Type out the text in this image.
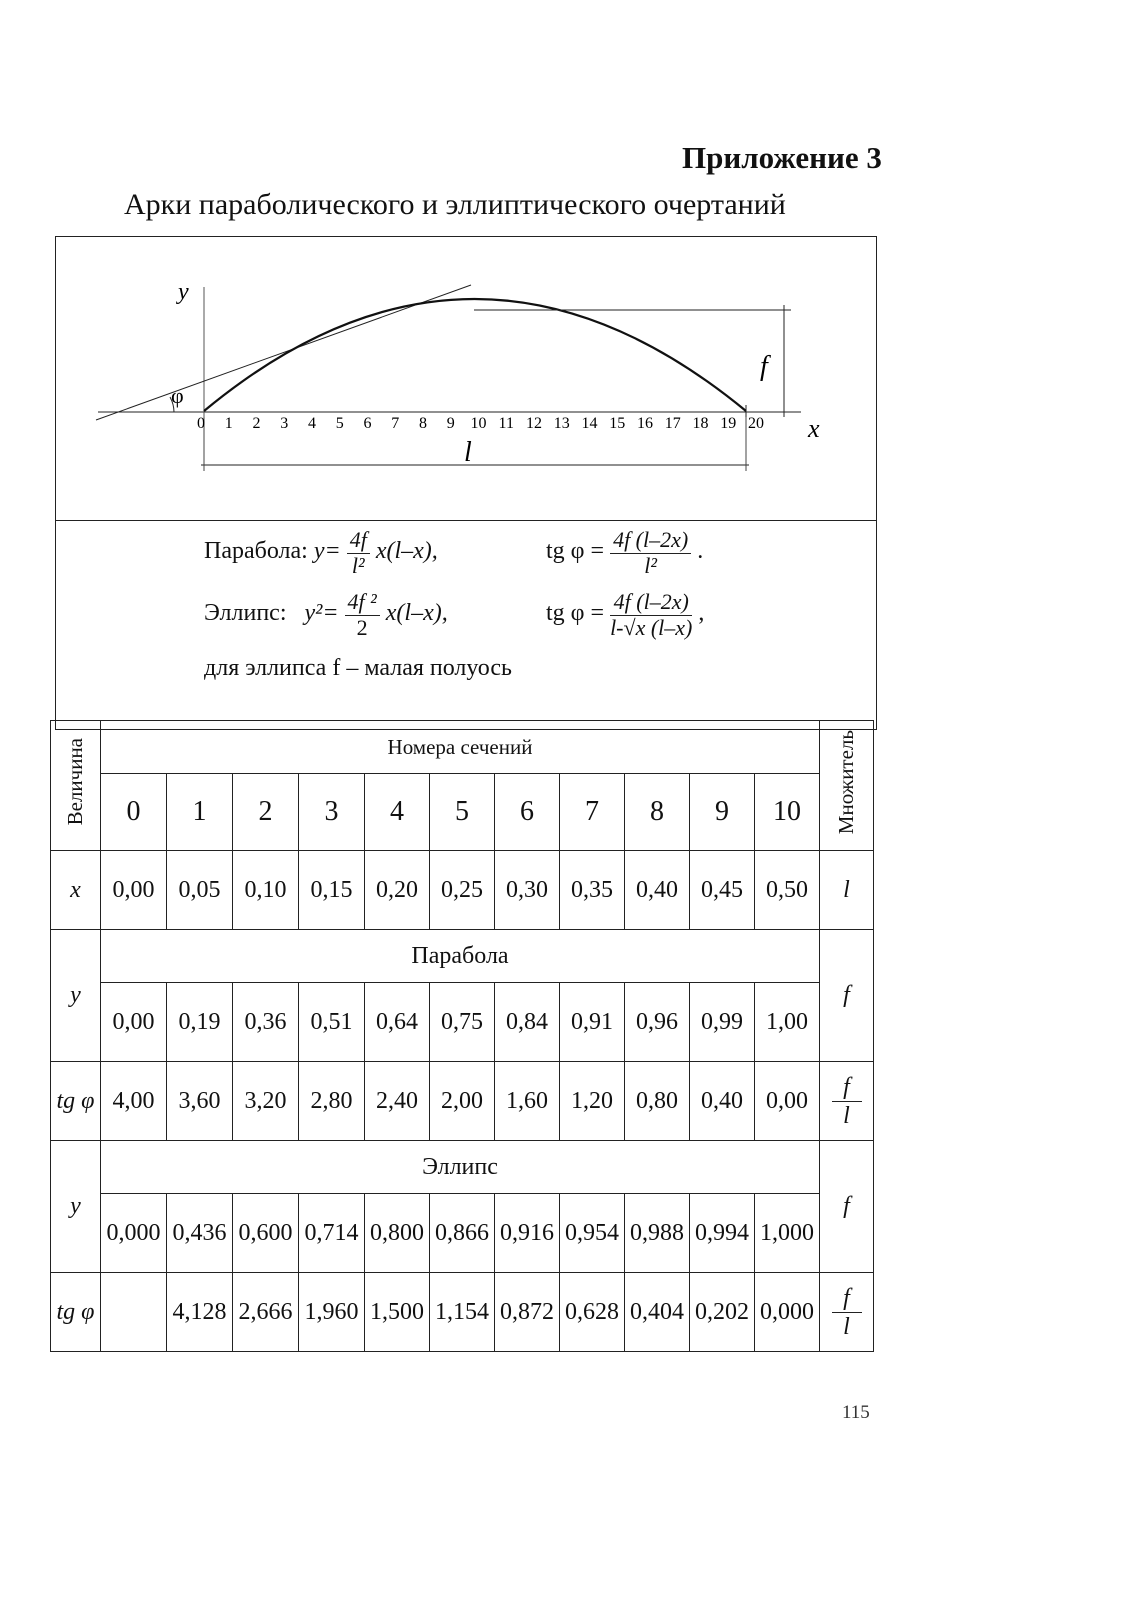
Приложение 3
Арки параболического и эллиптического очертаний
y
x
φ
l
f
0 1 2 3 4 5 6 7 8 9 10 11 12 13 14 15 16 17 18 19 20
Парабола: $y= \frac{4f}{\text{l²}} x(l-x)$,	tg $\varphi = \frac{4f (l-2x)}{\text{l²}}$ .
Эллипс: $y^2= \frac{\text{4f ²}}{2} x(l-x)$,	tg $\varphi = \frac{4f (l-2x)}{l-√x (l-x)}$ ,
для эллипса f – малая полуось
Величина	Номера сечений											Множитель
	0	1	2	3	4	5	6	7	8	9	10	
x	0,00	0,05	0,10	0,15	0,20	0,25	0,30	0,35	0,40	0,45	0,50	l
y	Парабола											f
	0,00	0,19	0,36	0,51	0,64	0,75	0,84	0,91	0,96	0,99	1,00	
tg φ	4,00	3,60	3,20	2,80	2,40	2,00	1,60	1,20	0,80	0,40	0,00	$\frac{f}{l}$

y	Эллипс											f
	0,000	0,436	0,600	0,714	0,800	0,866	0,916	0,954	0,988	0,994	1,000	
tg φ		4,128	2,666	1,960	1,500	1,154	0,872	0,628	0,404	0,202	0,000	$\frac{f}{l}$
115
